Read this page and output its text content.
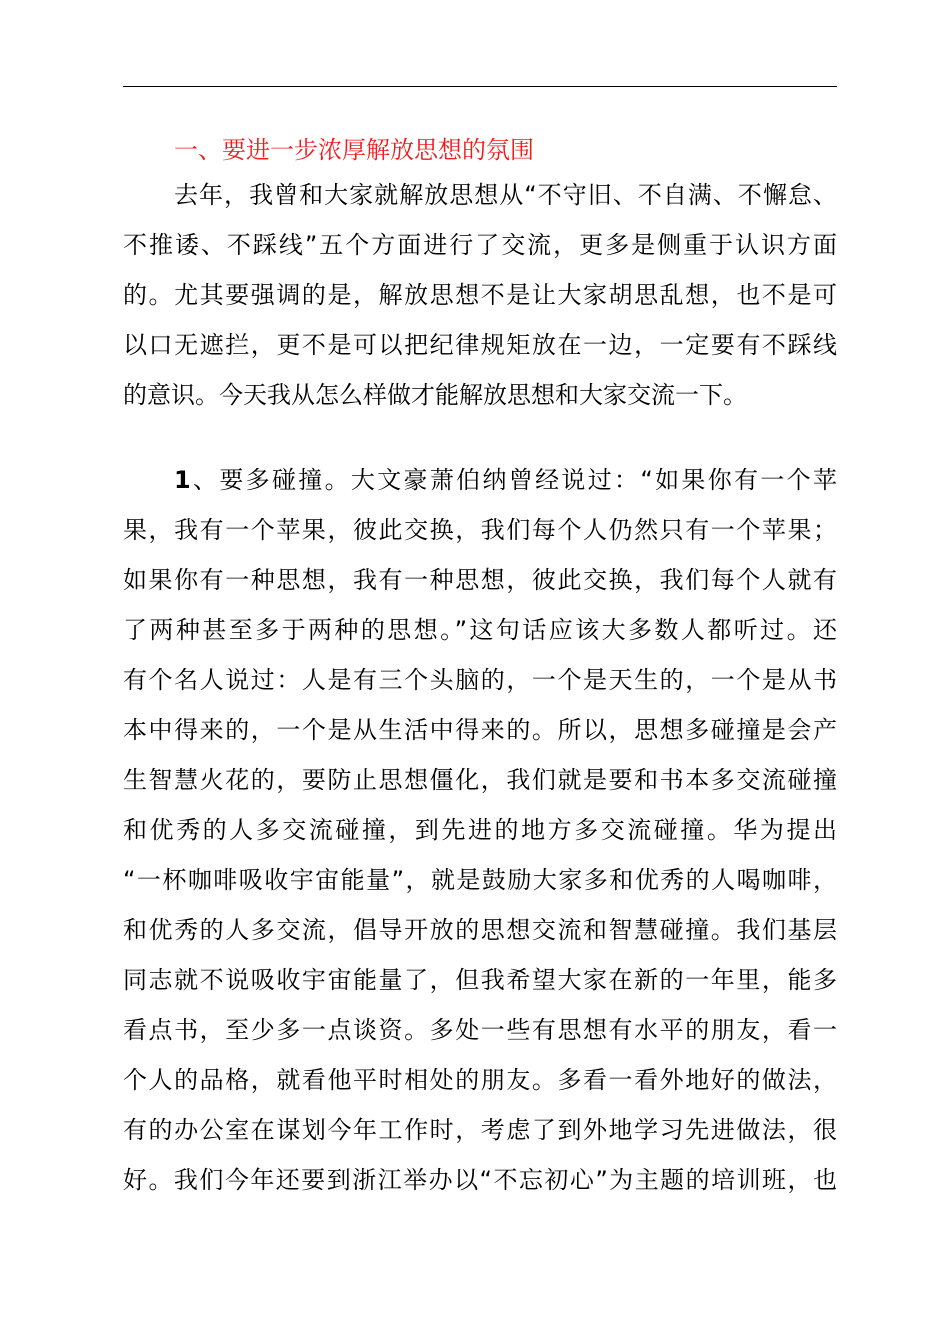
一、要进一步浓厚解放思想的氛围
去年，我曾和大家就解放思想从“不守旧、不自满、不懈怠、
不推诿、不踩线”五个方面进行了交流，更多是侧重于认识方面
的。尤其要强调的是，解放思想不是让大家胡思乱想，也不是可
以口无遮拦，更不是可以把纪律规矩放在一边，一定要有不踩线
的意识。今天我从怎么样做才能解放思想和大家交流一下。
1、要多碰撞。大文豪萧伯纳曾经说过：“如果你有一个苹
果，我有一个苹果，彼此交换，我们每个人仍然只有一个苹果；
如果你有一种思想，我有一种思想，彼此交换，我们每个人就有
了两种甚至多于两种的思想。”这句话应该大多数人都听过。还
有个名人说过：人是有三个头脑的，一个是天生的，一个是从书
本中得来的，一个是从生活中得来的。所以，思想多碰撞是会产
生智慧火花的，要防止思想僵化，我们就是要和书本多交流碰撞
和优秀的人多交流碰撞，到先进的地方多交流碰撞。华为提出
“一杯咖啡吸收宇宙能量”，就是鼓励大家多和优秀的人喝咖啡，
和优秀的人多交流，倡导开放的思想交流和智慧碰撞。我们基层
同志就不说吸收宇宙能量了，但我希望大家在新的一年里，能多
看点书，至少多一点谈资。多处一些有思想有水平的朋友，看一
个人的品格，就看他平时相处的朋友。多看一看外地好的做法，
有的办公室在谋划今年工作时，考虑了到外地学习先进做法，很
好。我们今年还要到浙江举办以“不忘初心”为主题的培训班，也
